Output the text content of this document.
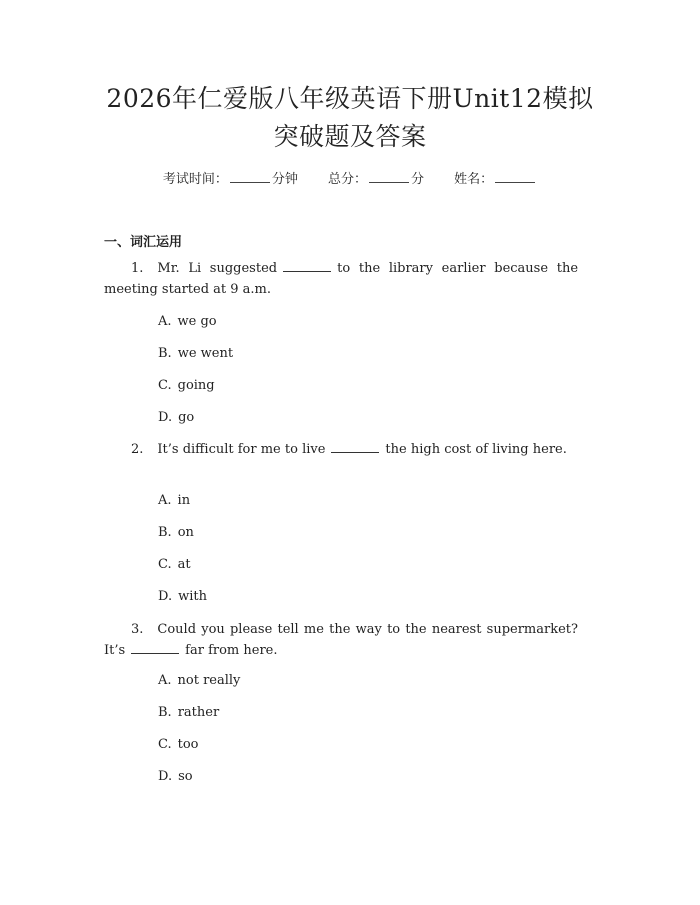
2026年仁爱版八年级英语下册Unit12模拟
突破题及答案
考试时间：	分钟 总分：	分 姓名：
一、词汇运用
1. Mr. Li suggested	to the library earlier because the meeting started at 9 a.m.
A. we go
B. we went
C. going
D. go
2. It’s difficult for me to live	the high cost of living here.
A. in
B. on
C. at
D. with
3. Could you please tell me the way to the nearest supermarket? It’s	far from here.
A. not really
B. rather
C. too
D. so
